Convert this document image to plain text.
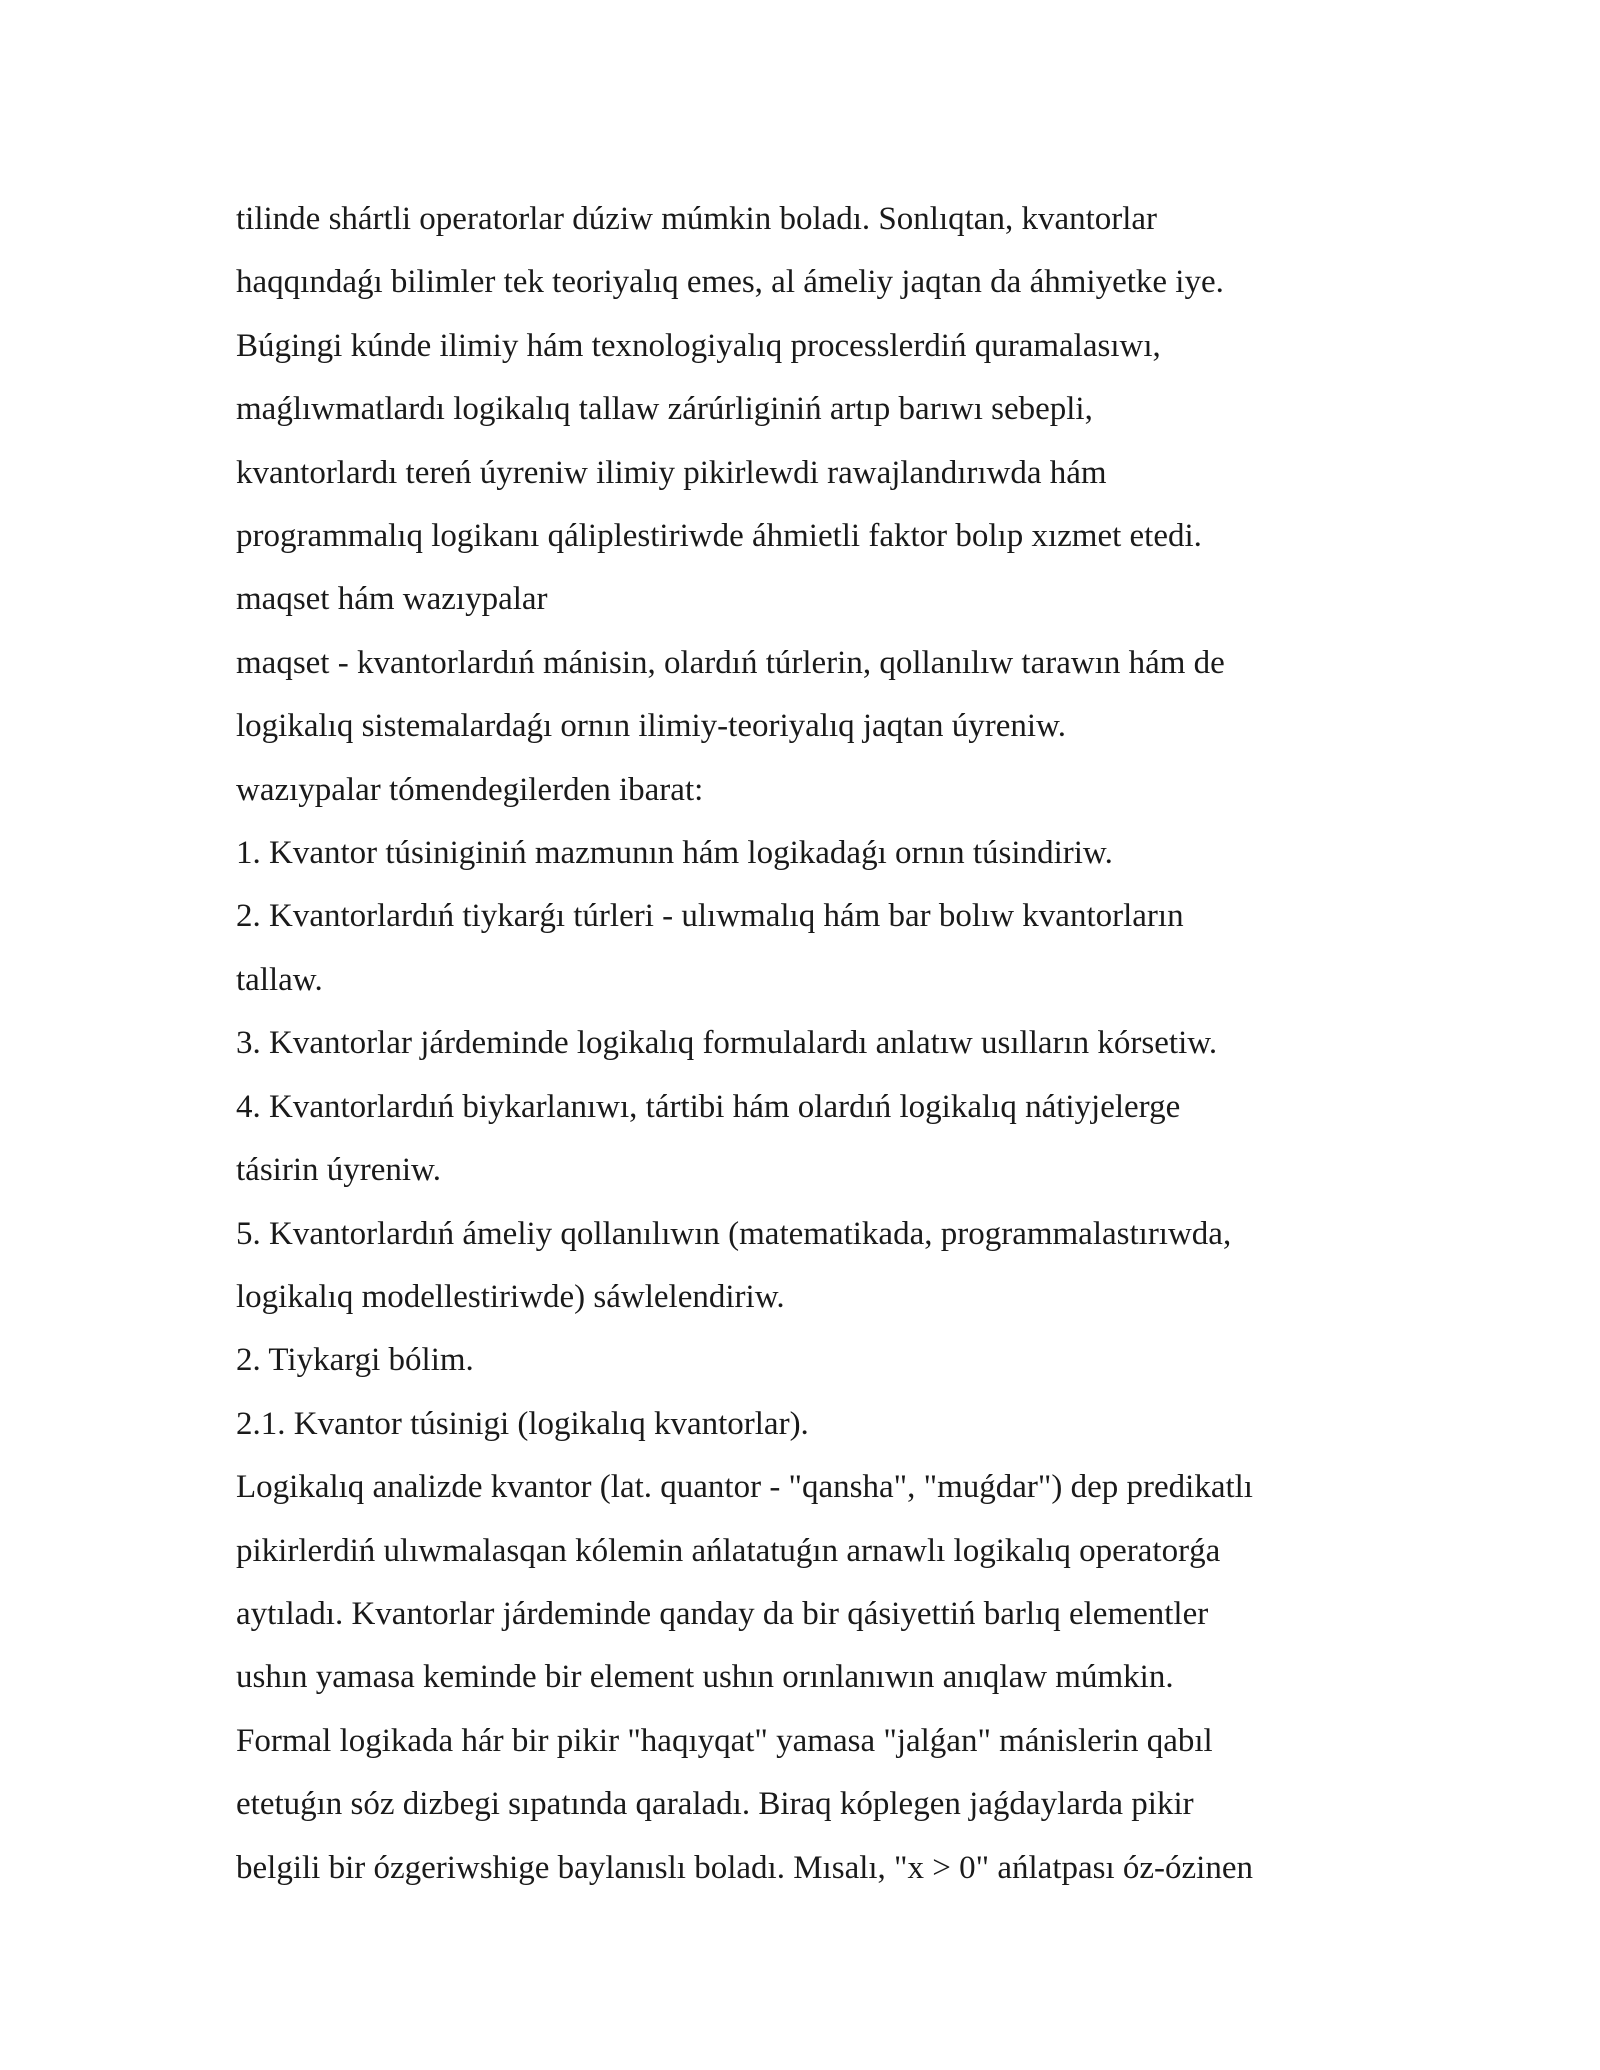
tilinde shártli operatorlar dúziw múmkin boladı. Sonlıqtan, kvantorlar
haqqındaǵı bilimler tek teoriyalıq emes, al ámeliy jaqtan da áhmiyetke iye.
Búgingi kúnde ilimiy hám texnologiyalıq processlerdiń quramalasıwı,
maǵlıwmatlardı logikalıq tallaw zárúrliginiń artıp barıwı sebepli,
kvantorlardı tereń úyreniw ilimiy pikirlewdi rawajlandırıwda hám
programmalıq logikanı qáliplestiriwde áhmietli faktor bolıp xızmet etedi.
maqset hám wazıypalar
maqset - kvantorlardıń mánisin, olardıń túrlerin, qollanılıw tarawın hám de
logikalıq sistemalardaǵı ornın ilimiy-teoriyalıq jaqtan úyreniw.
wazıypalar tómendegilerden ibarat:
1. Kvantor túsiniginiń mazmunın hám logikadaǵı ornın túsindiriw.
2. Kvantorlardıń tiykarǵı túrleri - ulıwmalıq hám bar bolıw kvantorların
tallaw.
3. Kvantorlar járdeminde logikalıq formulalardı anlatıw usılların kórsetiw.
4. Kvantorlardıń biykarlanıwı, tártibi hám olardıń logikalıq nátiyjelerge
tásirin úyreniw.
5. Kvantorlardıń ámeliy qollanılıwın (matematikada, programmalastırıwda,
logikalıq modellestiriwde) sáwlelendiriw.
2. Tiykargi bólim.
2.1. Kvantor túsinigi (logikalıq kvantorlar).
Logikalıq analizde kvantor (lat. quantor - "qansha", "muǵdar") dep predikatlı
pikirlerdiń ulıwmalasqan kólemin ańlatatuǵın arnawlı logikalıq operatorǵa
aytıladı. Kvantorlar járdeminde qanday da bir qásiyettiń barlıq elementler
ushın yamasa keminde bir element ushın orınlanıwın anıqlaw múmkin.
Formal logikada hár bir pikir "haqıyqat" yamasa "jalǵan" mánislerin qabıl
etetuǵın sóz dizbegi sıpatında qaraladı. Biraq kóplegen jaǵdaylarda pikir
belgili bir ózgeriwshige baylanıslı boladı. Mısalı, "x > 0" ańlatpası óz-ózinen
